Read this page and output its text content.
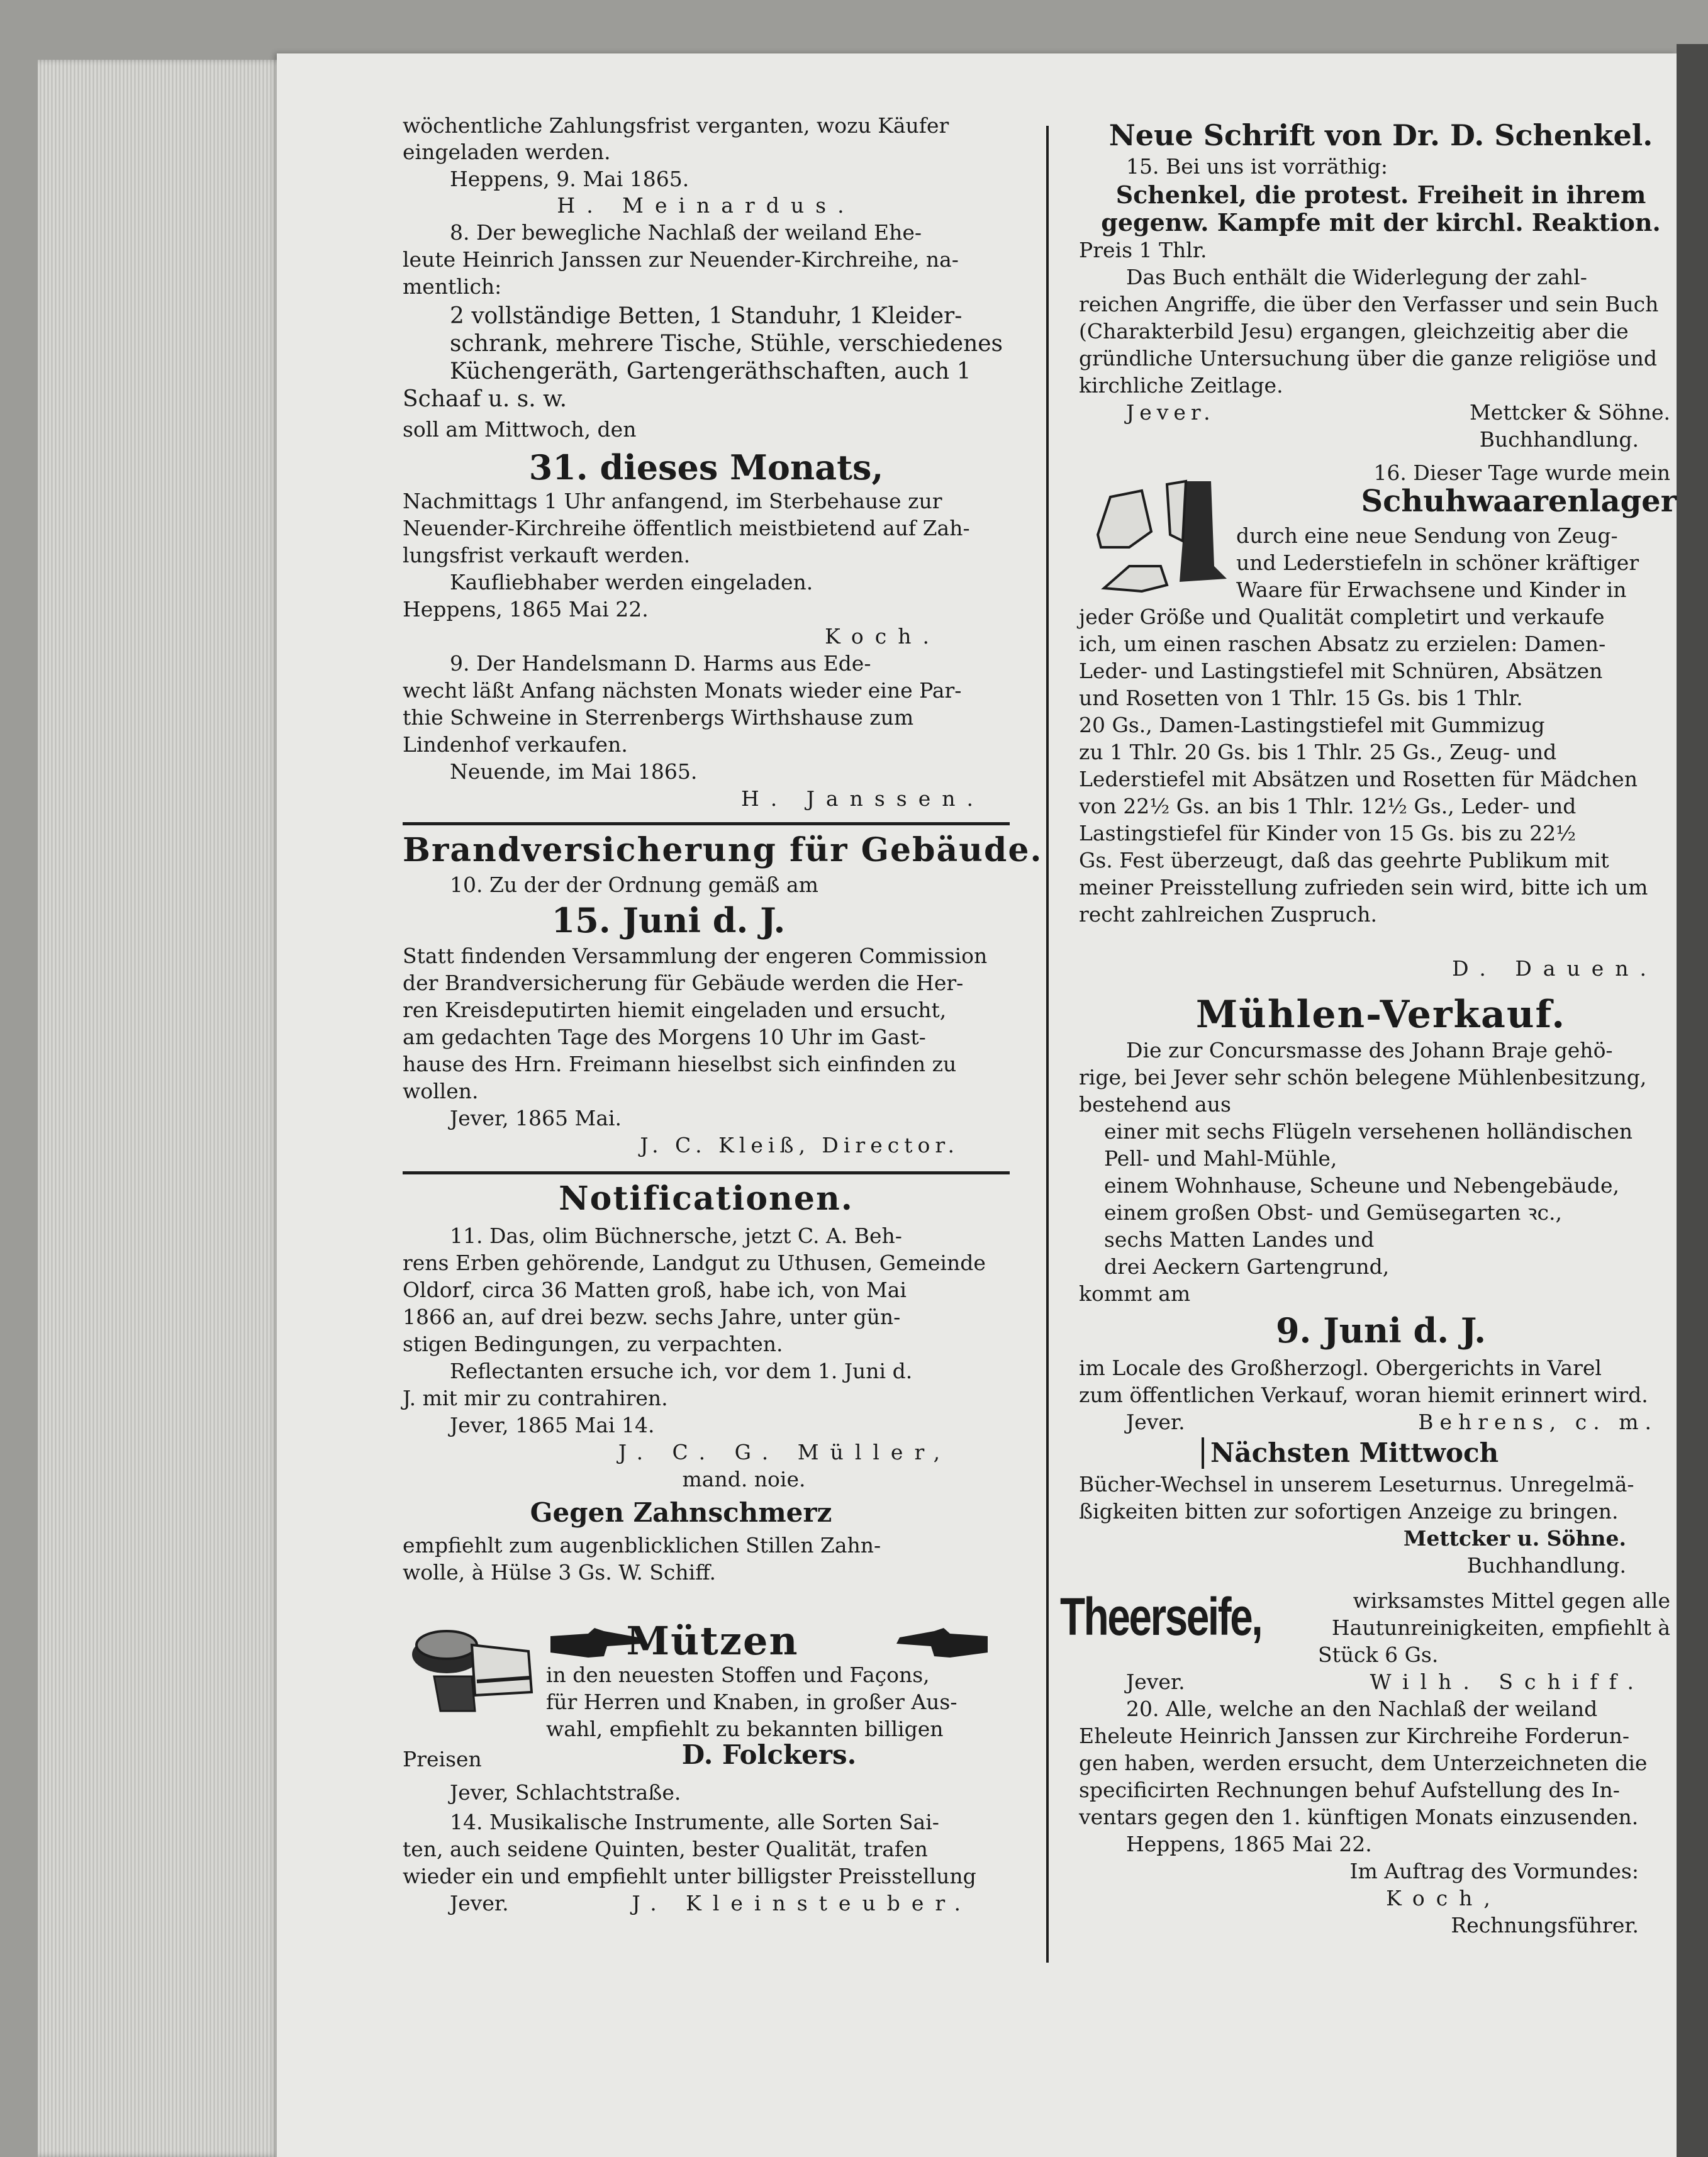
wöchentliche Zahlungsfrist verganten, wozu Käufer
eingeladen werden.
Heppens, 9. Mai 1865.
H. Meinardus.
8. Der bewegliche Nachlaß der weiland Ehe-
leute Heinrich Janssen zur Neuender-Kirchreihe, na-
mentlich:
2 vollständige Betten, 1 Standuhr, 1 Kleider-
schrank, mehrere Tische, Stühle, verschiedenes
Küchengeräth, Gartengeräthschaften, auch 1
Schaaf u. s. w.
soll am Mittwoch, den
31. dieses Monats,
Nachmittags 1 Uhr anfangend, im Sterbehause zur
Neuender-Kirchreihe öffentlich meistbietend auf Zah-
lungsfrist verkauft werden.
Kaufliebhaber werden eingeladen.
Heppens, 1865 Mai 22.
Koch.
9. Der Handelsmann D. Harms aus Ede-
wecht läßt Anfang nächsten Monats wieder eine Par-
thie Schweine in Sterrenbergs Wirthshause zum
Lindenhof verkaufen.
Neuende, im Mai 1865.
H. Janssen.
Brandversicherung für Gebäude.
10. Zu der der Ordnung gemäß am
15. Juni d. J.
Statt findenden Versammlung der engeren Commission
der Brandversicherung für Gebäude werden die Her-
ren Kreisdeputirten hiemit eingeladen und ersucht,
am gedachten Tage des Morgens 10 Uhr im Gast-
hause des Hrn. Freimann hieselbst sich einfinden zu
wollen.
Jever, 1865 Mai.
J. C. Kleiß, Director.
Notificationen.
11. Das, olim Büchnersche, jetzt C. A. Beh-
rens Erben gehörende, Landgut zu Uthusen, Gemeinde
Oldorf, circa 36 Matten groß, habe ich, von Mai
1866 an, auf drei bezw. sechs Jahre, unter gün-
stigen Bedingungen, zu verpachten.
Reflectanten ersuche ich, vor dem 1. Juni d.
J. mit mir zu contrahiren.
Jever, 1865 Mai 14.
J. C. G. Müller,
mand. noie.
Gegen Zahnschmerz
empfiehlt zum augenblicklichen Stillen Zahn-
wolle, à Hülse 3 Gs. W. Schiff.
Mützen
in den neuesten Stoffen und Façons,
für Herren und Knaben, in großer Aus-
wahl, empfiehlt zu bekannten billigen
Preisen	D. Folckers.
Jever, Schlachtstraße.
14. Musikalische Instrumente, alle Sorten Sai-
ten, auch seidene Quinten, bester Qualität, trafen
wieder ein und empfiehlt unter billigster Preisstellung
Jever.	J. Kleinsteuber.
Neue Schrift von Dr. D. Schenkel.
15. Bei uns ist vorräthig:
Schenkel, die protest. Freiheit in ihrem
gegenw. Kampfe mit der kirchl. Reaktion.
Preis 1 Thlr.
Das Buch enthält die Widerlegung der zahl-
reichen Angriffe, die über den Verfasser und sein Buch
(Charakterbild Jesu) ergangen, gleichzeitig aber die
gründliche Untersuchung über die ganze religiöse und
kirchliche Zeitlage.
Jever.	Mettcker & Söhne.
Buchhandlung.
16. Dieser Tage wurde mein
Schuhwaarenlager
durch eine neue Sendung von Zeug-
und Lederstiefeln in schöner kräftiger
Waare für Erwachsene und Kinder in
jeder Größe und Qualität completirt und verkaufe
ich, um einen raschen Absatz zu erzielen: Damen-
Leder- und Lastingstiefel mit Schnüren, Absätzen
und Rosetten von 1 Thlr. 15 Gs. bis 1 Thlr.
20 Gs., Damen-Lastingstiefel mit Gummizug
zu 1 Thlr. 20 Gs. bis 1 Thlr. 25 Gs., Zeug- und
Lederstiefel mit Absätzen und Rosetten für Mädchen
von 22½ Gs. an bis 1 Thlr. 12½ Gs., Leder- und
Lastingstiefel für Kinder von 15 Gs. bis zu 22½
Gs. Fest überzeugt, daß das geehrte Publikum mit
meiner Preisstellung zufrieden sein wird, bitte ich um
recht zahlreichen Zuspruch.
D. Dauen.
Mühlen-Verkauf.
Die zur Concursmasse des Johann Braje gehö-
rige, bei Jever sehr schön belegene Mühlenbesitzung,
bestehend aus
einer mit sechs Flügeln versehenen holländischen
Pell- und Mahl-Mühle,
einem Wohnhause, Scheune und Nebengebäude,
einem großen Obst- und Gemüsegarten ꝛc.,
sechs Matten Landes und
drei Aeckern Gartengrund,
kommt am
9. Juni d. J.
im Locale des Großherzogl. Obergerichts in Varel
zum öffentlichen Verkauf, woran hiemit erinnert wird.
Jever.	Behrens, c. m.
Nächsten Mittwoch
Bücher-Wechsel in unserem Leseturnus. Unregelmä-
ßigkeiten bitten zur sofortigen Anzeige zu bringen.
Mettcker u. Söhne.
Buchhandlung.
Theerseife,	wirksamstes Mittel gegen alle
Hautunreinigkeiten, empfiehlt à
Stück 6 Gs.
Jever.	Wilh. Schiff.
20. Alle, welche an den Nachlaß der weiland
Eheleute Heinrich Janssen zur Kirchreihe Forderun-
gen haben, werden ersucht, dem Unterzeichneten die
specificirten Rechnungen behuf Aufstellung des In-
ventars gegen den 1. künftigen Monats einzusenden.
Heppens, 1865 Mai 22.
Im Auftrag des Vormundes:
Koch,
Rechnungsführer.
